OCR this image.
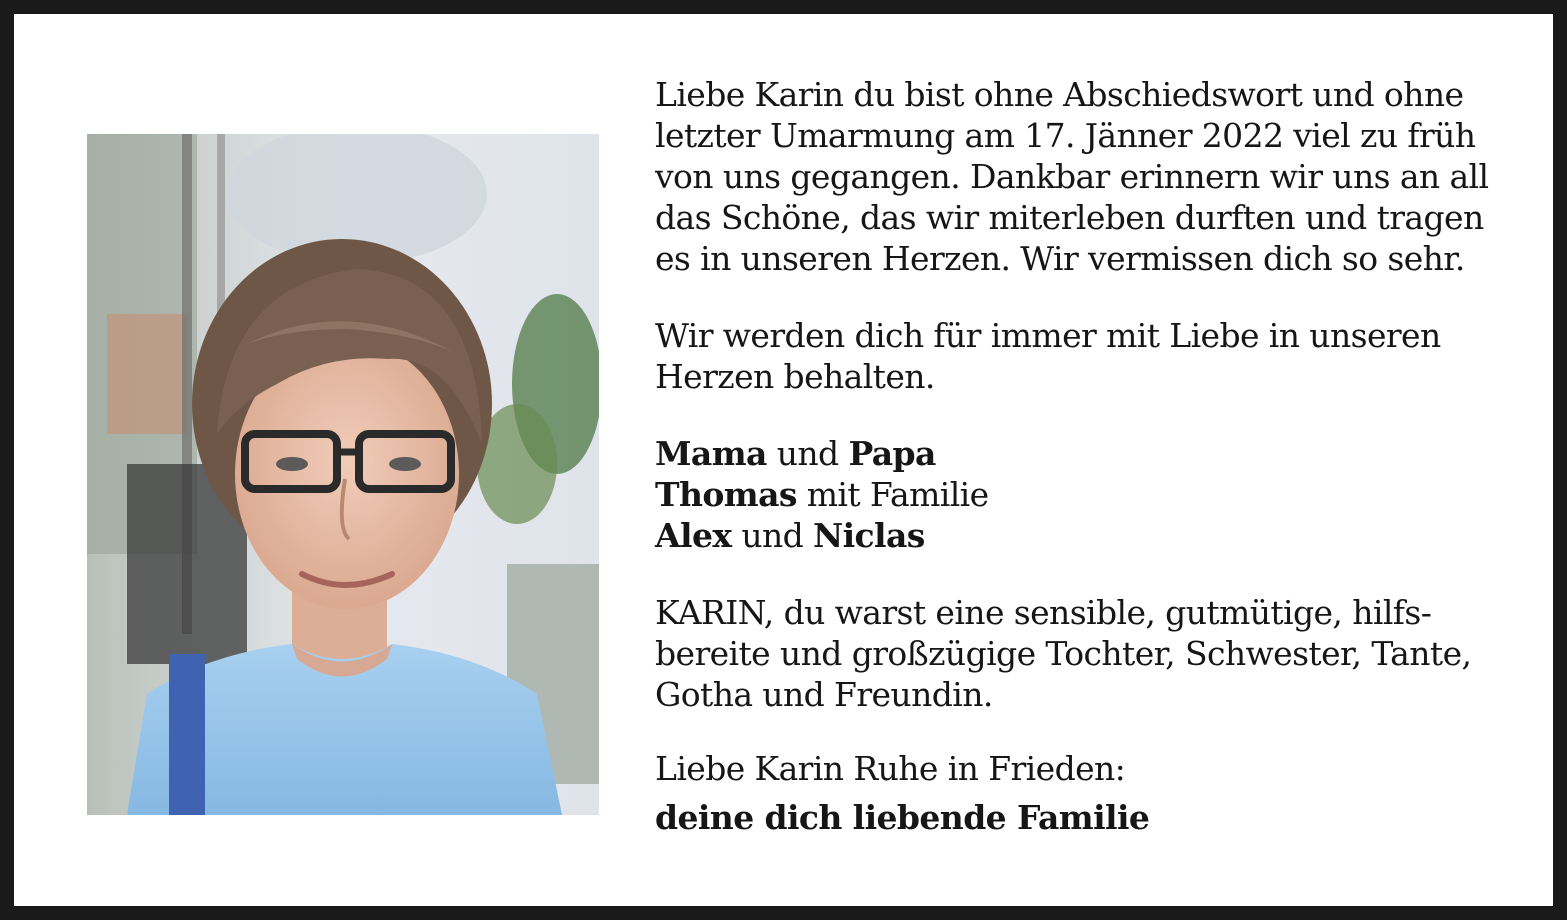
Liebe Karin du bist ohne Abschiedswort und ohne
letzter Umarmung am 17. Jänner 2022 viel zu früh
von uns gegangen. Dankbar erinnern wir uns an all
das Schöne, das wir miterleben durften und tragen
es in unseren Herzen. Wir vermissen dich so sehr.
Wir werden dich für immer mit Liebe in unseren
Herzen behalten.
Mama und Papa
Thomas mit Familie
Alex und Niclas
KARIN, du warst eine sensible, gutmütige, hilfs-
bereite und großzügige Tochter, Schwester, Tante,
Gotha und Freundin.
Liebe Karin Ruhe in Frieden:
deine dich liebende Familie
